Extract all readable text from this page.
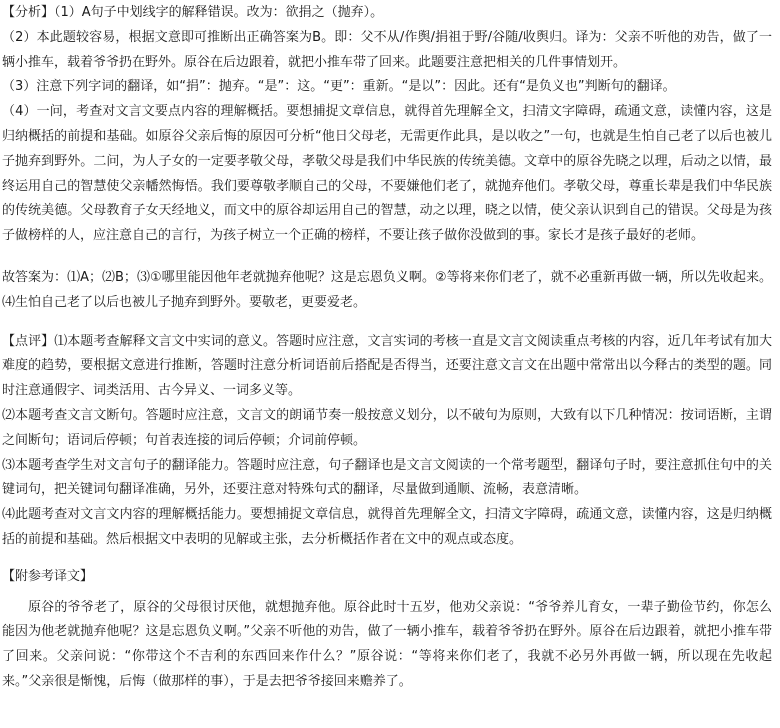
【分析】（1）A句子中划线字的解释错误。改为：欲捐之（抛弃）。

（2）本此题较容易，根据文意即可推断出正确答案为B。即：父不从/作舆/捐祖于野/谷随/收舆归。译为：父亲不听他的劝告，做了一辆小推车，载着爷爷扔在野外。原谷在后边跟着，就把小推车带了回来。此题要注意把相关的几件事情划开。

（3）注意下列字词的翻译，如“捐”：抛弃。“是”：这。“更”：重新。“是以”：因此。还有“是负义也”判断句的翻译。

（4）一问，考查对文言文要点内容的理解概括。要想捕捉文章信息，就得首先理解全文，扫清文字障碍，疏通文意，读懂内容，这是归纳概括的前提和基础。如原谷父亲后悔的原因可分析“他日父母老，无需更作此具，是以收之”一句，也就是生怕自己老了以后也被儿子抛弃到野外。二问，为人子女的一定要孝敬父母，孝敬父母是我们中华民族的传统美德。文章中的原谷先晓之以理，后动之以情，最终运用自己的智慧使父亲幡然悔悟。我们要尊敬孝顺自己的父母，不要嫌他们老了，就抛弃他们。孝敬父母，尊重长辈是我们中华民族的传统美德。父母教育子女天经地义，而文中的原谷却运用自己的智慧，动之以理，晓之以情，使父亲认识到自己的错误。父母是为孩子做榜样的人，应注意自己的言行，为孩子树立一个正确的榜样，不要让孩子做你没做到的事。家长才是孩子最好的老师。

故答案为：⑴A；⑵B；⑶①哪里能因他年老就抛弃他呢？这是忘恩负义啊。②等将来你们老了，就不必重新再做一辆，所以先收起来。 ⑷生怕自己老了以后也被儿子抛弃到野外。要敬老，更要爱老。

【点评】⑴本题考查解释文言文中实词的意义。答题时应注意，文言实词的考核一直是文言文阅读重点考核的内容，近几年考试有加大难度的趋势，要根据文意进行推断，答题时注意分析词语前后搭配是否得当，还要注意文言文在出题中常常出以今释古的类型的题。同时注意通假字、词类活用、古今异义、一词多义等。

⑵本题考查文言文断句。答题时应注意，文言文的朗诵节奏一般按意义划分，以不破句为原则，大致有以下几种情况：按词语断，主谓之间断句；语词后停顿；句首表连接的词后停顿；介词前停顿。

⑶本题考查学生对文言句子的翻译能力。答题时应注意，句子翻译也是文言文阅读的一个常考题型，翻译句子时，要注意抓住句中的关键词句，把关键词句翻译准确，另外，还要注意对特殊句式的翻译，尽量做到通顺、流畅，表意清晰。

⑷此题考查对文言文内容的理解概括能力。要想捕捉文章信息，就得首先理解全文，扫清文字障碍，疏通文意，读懂内容，这是归纳概括的前提和基础。然后根据文中表明的见解或主张，去分析概括作者在文中的观点或态度。

【附参考译文】

原谷的爷爷老了，原谷的父母很讨厌他，就想抛弃他。原谷此时十五岁，他劝父亲说：“爷爷养儿育女，一辈子勤俭节约，你怎么能因为他老就抛弃他呢？这是忘恩负义啊。”父亲不听他的劝告，做了一辆小推车，载着爷爷扔在野外。原谷在后边跟着，就把小推车带了回来。父亲问说：“你带这个不吉利的东西回来作什么？”原谷说：“等将来你们老了，我就不必另外再做一辆，所以现在先收起来。”父亲很是惭愧，后悔（做那样的事），于是去把爷爷接回来赡养了。
